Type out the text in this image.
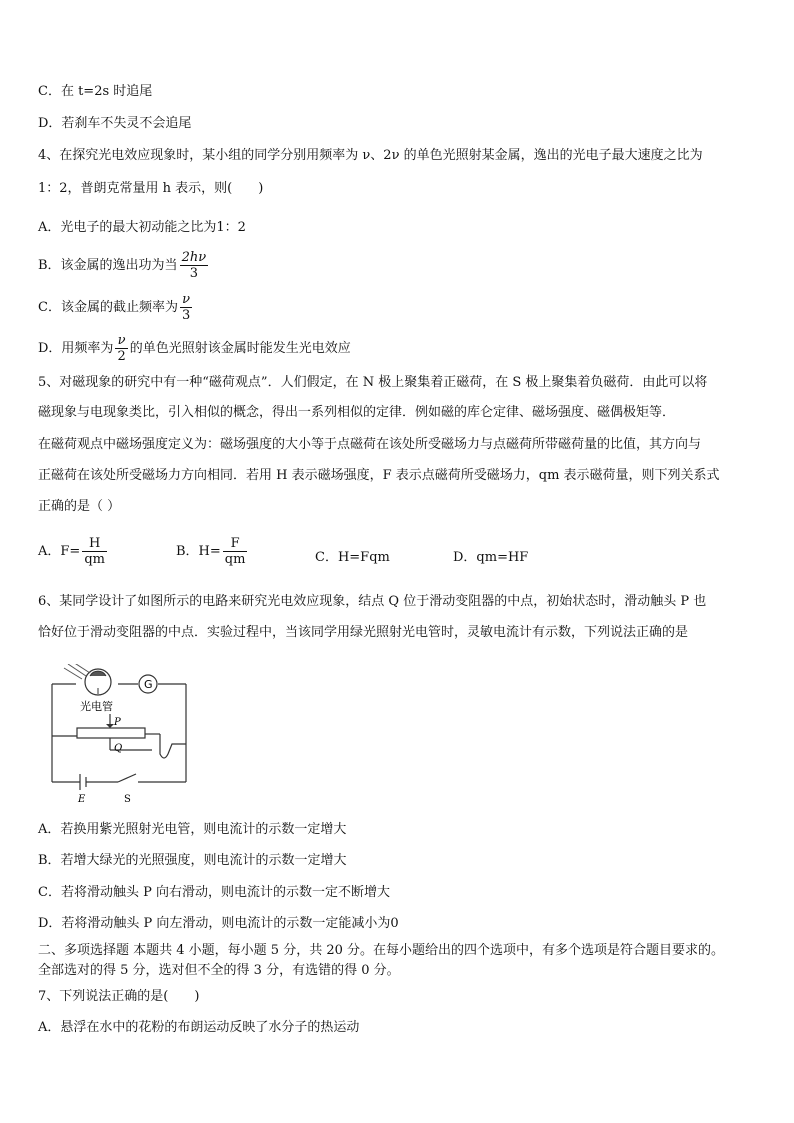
C．在 t=2s 时追尾
D．若刹车不失灵不会追尾
4、在探究光电效应现象时，某小组的同学分别用频率为 ν、2ν 的单色光照射某金属，逸出的光电子最大速度之比为
1：2，普朗克常量用 h 表示，则(　　)
A．光电子的最大初动能之比为1：2
B．该金属的逸出功为当 $\frac{2h\nu}{3}$
C．该金属的截止频率为 $\frac{\nu}{3}$
D．用频率为 $\frac{\nu}{2}$ 的单色光照射该金属时能发生光电效应
5、对磁现象的研究中有一种“磁荷观点”．人们假定，在 N 极上聚集着正磁荷，在 S 极上聚集着负磁荷．由此可以将
磁现象与电现象类比，引入相似的概念，得出一系列相似的定律．例如磁的库仑定律、磁场强度、磁偶极矩等．
在磁荷观点中磁场强度定义为：磁场强度的大小等于点磁荷在该处所受磁场力与点磁荷所带磁荷量的比值，其方向与
正磁荷在该处所受磁场力方向相同．若用 H 表示磁场强度，F 表示点磁荷所受磁场力，qm 表示磁荷量，则下列关系式
正确的是（ ）
A．$F= \frac{H}{qm}$	B．$H= \frac{F}{qm}$	C．H=Fqm	D．qm=HF
6、某同学设计了如图所示的电路来研究光电效应现象，结点 Q 位于滑动变阻器的中点，初始状态时，滑动触头 P 也
恰好位于滑动变阻器的中点．实验过程中，当该同学用绿光照射光电管时，灵敏电流计有示数，下列说法正确的是
G
光电管
P
Q
E	S
A．若换用紫光照射光电管，则电流计的示数一定增大
B．若增大绿光的光照强度，则电流计的示数一定增大
C．若将滑动触头 P 向右滑动，则电流计的示数一定不断增大
D．若将滑动触头 P 向左滑动，则电流计的示数一定能减小为0
二、多项选择题 本题共 4 小题，每小题 5 分，共 20 分。在每小题给出的四个选项中，有多个选项是符合题目要求的。
全部选对的得 5 分，选对但不全的得 3 分，有选错的得 0 分。
7、下列说法正确的是(　　)
A．悬浮在水中的花粉的布朗运动反映了水分子的热运动
